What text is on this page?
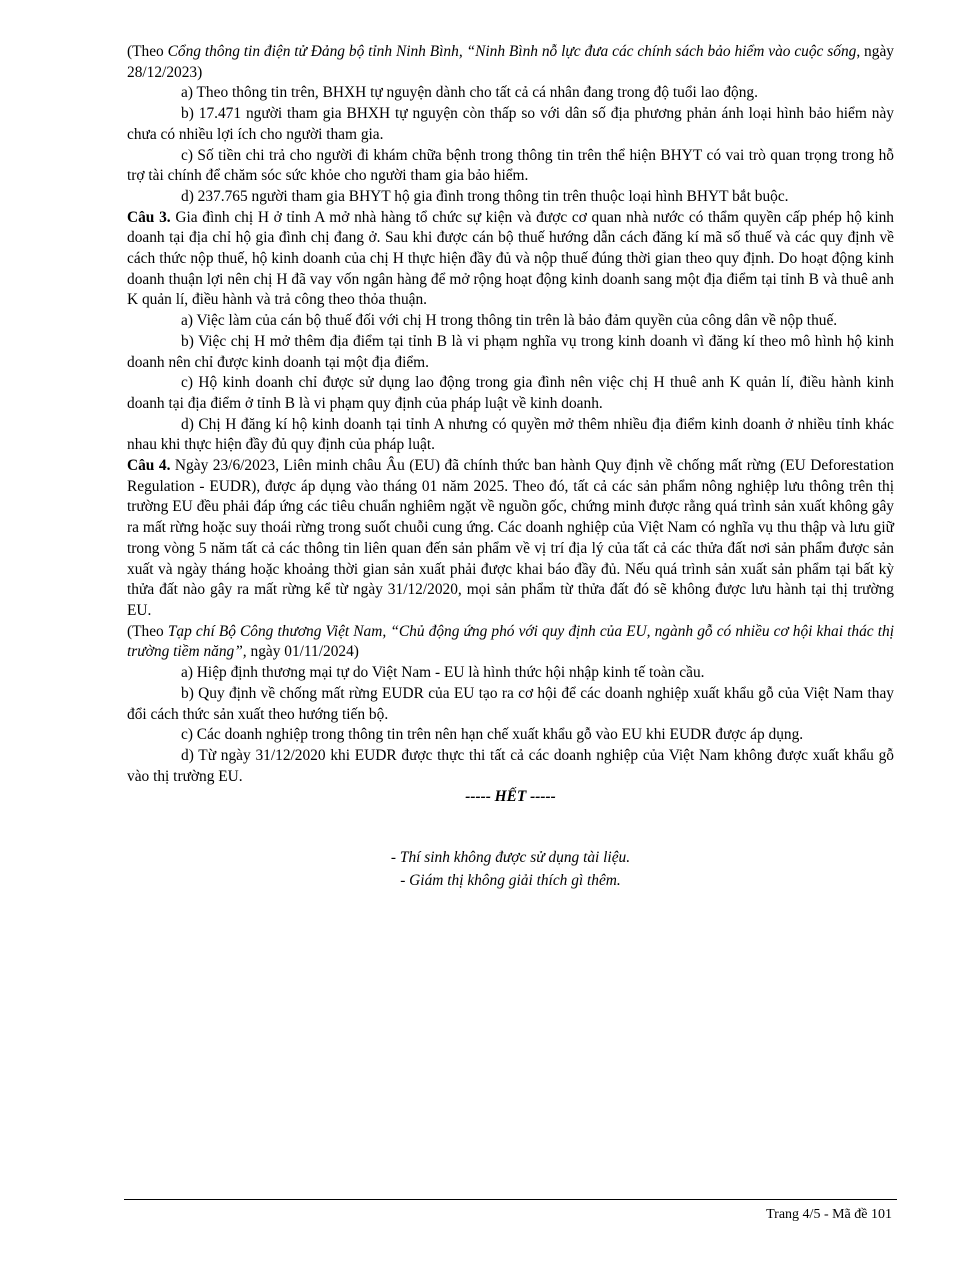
(Theo Cổng thông tin điện tử Đảng bộ tỉnh Ninh Bình, “Ninh Bình nỗ lực đưa các chính sách bảo hiểm vào cuộc sống, ngày 28/12/2023)

a) Theo thông tin trên, BHXH tự nguyện dành cho tất cả cá nhân đang trong độ tuổi lao động.

b) 17.471 người tham gia BHXH tự nguyện còn thấp so với dân số địa phương phản ánh loại hình bảo hiểm này chưa có nhiều lợi ích cho người tham gia.

c) Số tiền chi trả cho người đi khám chữa bệnh trong thông tin trên thể hiện BHYT có vai trò quan trọng trong hỗ trợ tài chính để chăm sóc sức khỏe cho người tham gia bảo hiểm.

d) 237.765 người tham gia BHYT hộ gia đình trong thông tin trên thuộc loại hình BHYT bắt buộc.

Câu 3. Gia đình chị H ở tỉnh A mở nhà hàng tổ chức sự kiện và được cơ quan nhà nước có thẩm quyền cấp phép hộ kinh doanh tại địa chỉ hộ gia đình chị đang ở. Sau khi được cán bộ thuế hướng dẫn cách đăng kí mã số thuế và các quy định về cách thức nộp thuế, hộ kinh doanh của chị H thực hiện đầy đủ và nộp thuế đúng thời gian theo quy định. Do hoạt động kinh doanh thuận lợi nên chị H đã vay vốn ngân hàng để mở rộng hoạt động kinh doanh sang một địa điểm tại tỉnh B và thuê anh K quản lí, điều hành và trả công theo thỏa thuận.

a) Việc làm của cán bộ thuế đối với chị H trong thông tin trên là bảo đảm quyền của công dân về nộp thuế.

b) Việc chị H mở thêm địa điểm tại tỉnh B là vi phạm nghĩa vụ trong kinh doanh vì đăng kí theo mô hình hộ kinh doanh nên chỉ được kinh doanh tại một địa điểm.

c) Hộ kinh doanh chỉ được sử dụng lao động trong gia đình nên việc chị H thuê anh K quản lí, điều hành kinh doanh tại địa điểm ở tỉnh B là vi phạm quy định của pháp luật về kinh doanh.

d) Chị H đăng kí hộ kinh doanh tại tỉnh A nhưng có quyền mở thêm nhiều địa điểm kinh doanh ở nhiều tỉnh khác nhau khi thực hiện đầy đủ quy định của pháp luật.

Câu 4. Ngày 23/6/2023, Liên minh châu Âu (EU) đã chính thức ban hành Quy định về chống mất rừng (EU Deforestation Regulation - EUDR), được áp dụng vào tháng 01 năm 2025. Theo đó, tất cả các sản phẩm nông nghiệp lưu thông trên thị trường EU đều phải đáp ứng các tiêu chuẩn nghiêm ngặt về nguồn gốc, chứng minh được rằng quá trình sản xuất không gây ra mất rừng hoặc suy thoái rừng trong suốt chuỗi cung ứng. Các doanh nghiệp của Việt Nam có nghĩa vụ thu thập và lưu giữ trong vòng 5 năm tất cả các thông tin liên quan đến sản phẩm về vị trí địa lý của tất cả các thửa đất nơi sản phẩm được sản xuất và ngày tháng hoặc khoảng thời gian sản xuất phải được khai báo đầy đủ. Nếu quá trình sản xuất sản phẩm tại bất kỳ thửa đất nào gây ra mất rừng kể từ ngày 31/12/2020, mọi sản phẩm từ thửa đất đó sẽ không được lưu hành tại thị trường EU.

(Theo Tạp chí Bộ Công thương Việt Nam, “Chủ động ứng phó với quy định của EU, ngành gỗ có nhiều cơ hội khai thác thị trường tiềm năng”, ngày 01/11/2024)

a) Hiệp định thương mại tự do Việt Nam - EU là hình thức hội nhập kinh tế toàn cầu.

b) Quy định về chống mất rừng EUDR của EU tạo ra cơ hội để các doanh nghiệp xuất khẩu gỗ của Việt Nam thay đổi cách thức sản xuất theo hướng tiến bộ.

c) Các doanh nghiệp trong thông tin trên nên hạn chế xuất khẩu gỗ vào EU khi EUDR được áp dụng.

d) Từ ngày 31/12/2020 khi EUDR được thực thi tất cả các doanh nghiệp của Việt Nam không được xuất khẩu gỗ vào thị trường EU.

----- HẾT -----

- Thí sinh không được sử dụng tài liệu.

- Giám thị không giải thích gì thêm.

Trang 4/5 - Mã đề 101
